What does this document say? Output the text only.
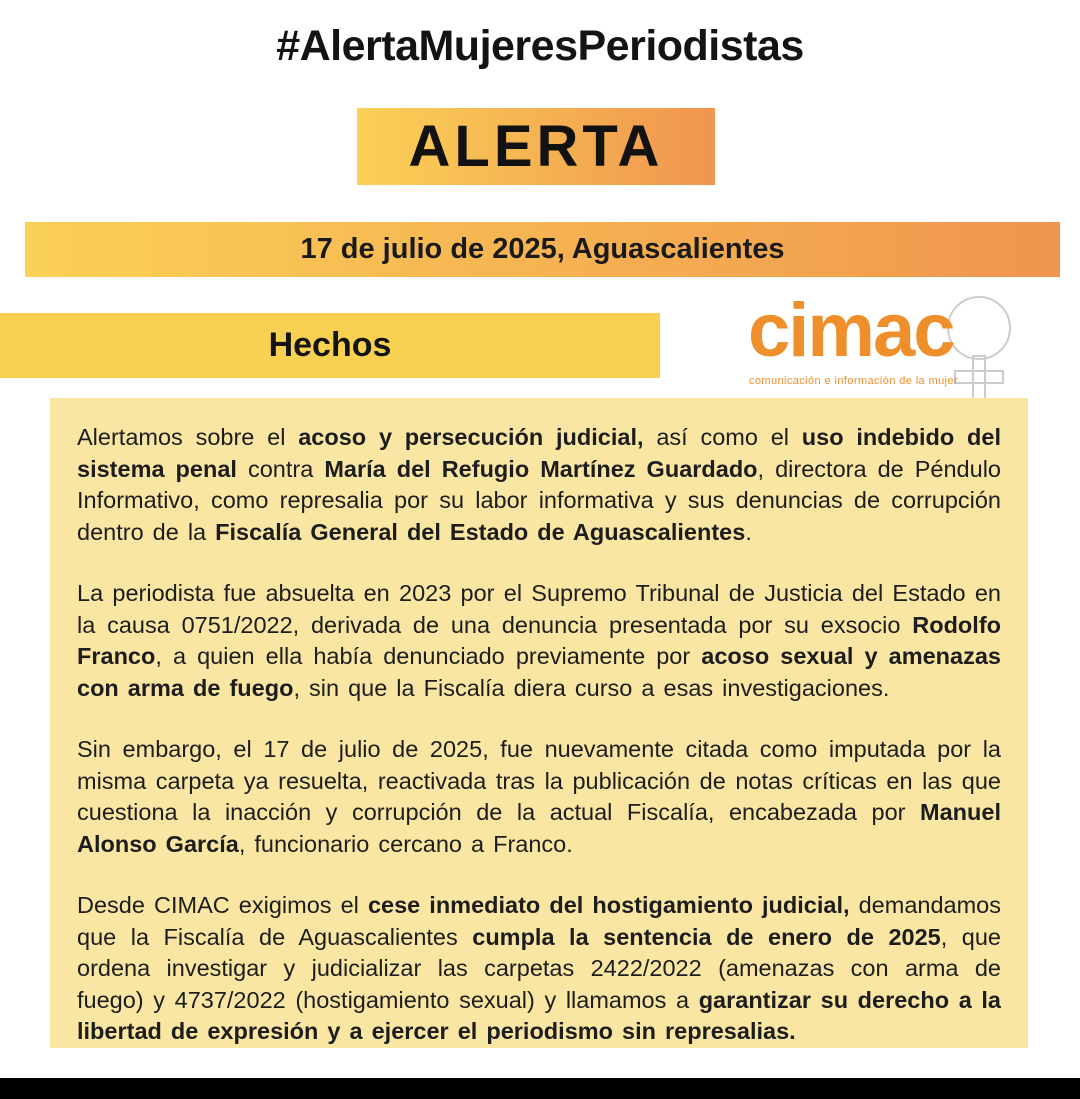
#AlertaMujeresPeriodistas
ALERTA
17 de julio de 2025, Aguascalientes
Hechos	cimac
comunicación e información de la mujer

Alertamos sobre el acoso y persecución judicial, así como el uso indebido del sistema penal contra María del Refugio Martínez Guardado, directora de Péndulo Informativo, como represalia por su labor informativa y sus denuncias de corrupción dentro de la Fiscalía General del Estado de Aguascalientes.

La periodista fue absuelta en 2023 por el Supremo Tribunal de Justicia del Estado en la causa 0751/2022, derivada de una denuncia presentada por su exsocio Rodolfo Franco, a quien ella había denunciado previamente por acoso sexual y amenazas con arma de fuego, sin que la Fiscalía diera curso a esas investigaciones.

Sin embargo, el 17 de julio de 2025, fue nuevamente citada como imputada por la misma carpeta ya resuelta, reactivada tras la publicación de notas críticas en las que cuestiona la inacción y corrupción de la actual Fiscalía, encabezada por Manuel Alonso García, funcionario cercano a Franco.

Desde CIMAC exigimos el cese inmediato del hostigamiento judicial, demandamos que la Fiscalía de Aguascalientes cumpla la sentencia de enero de 2025, que ordena investigar y judicializar las carpetas 2422/2022 (amenazas con arma de fuego) y 4737/2022 (hostigamiento sexual) y llamamos a garantizar su derecho a la libertad de expresión y a ejercer el periodismo sin represalias.
